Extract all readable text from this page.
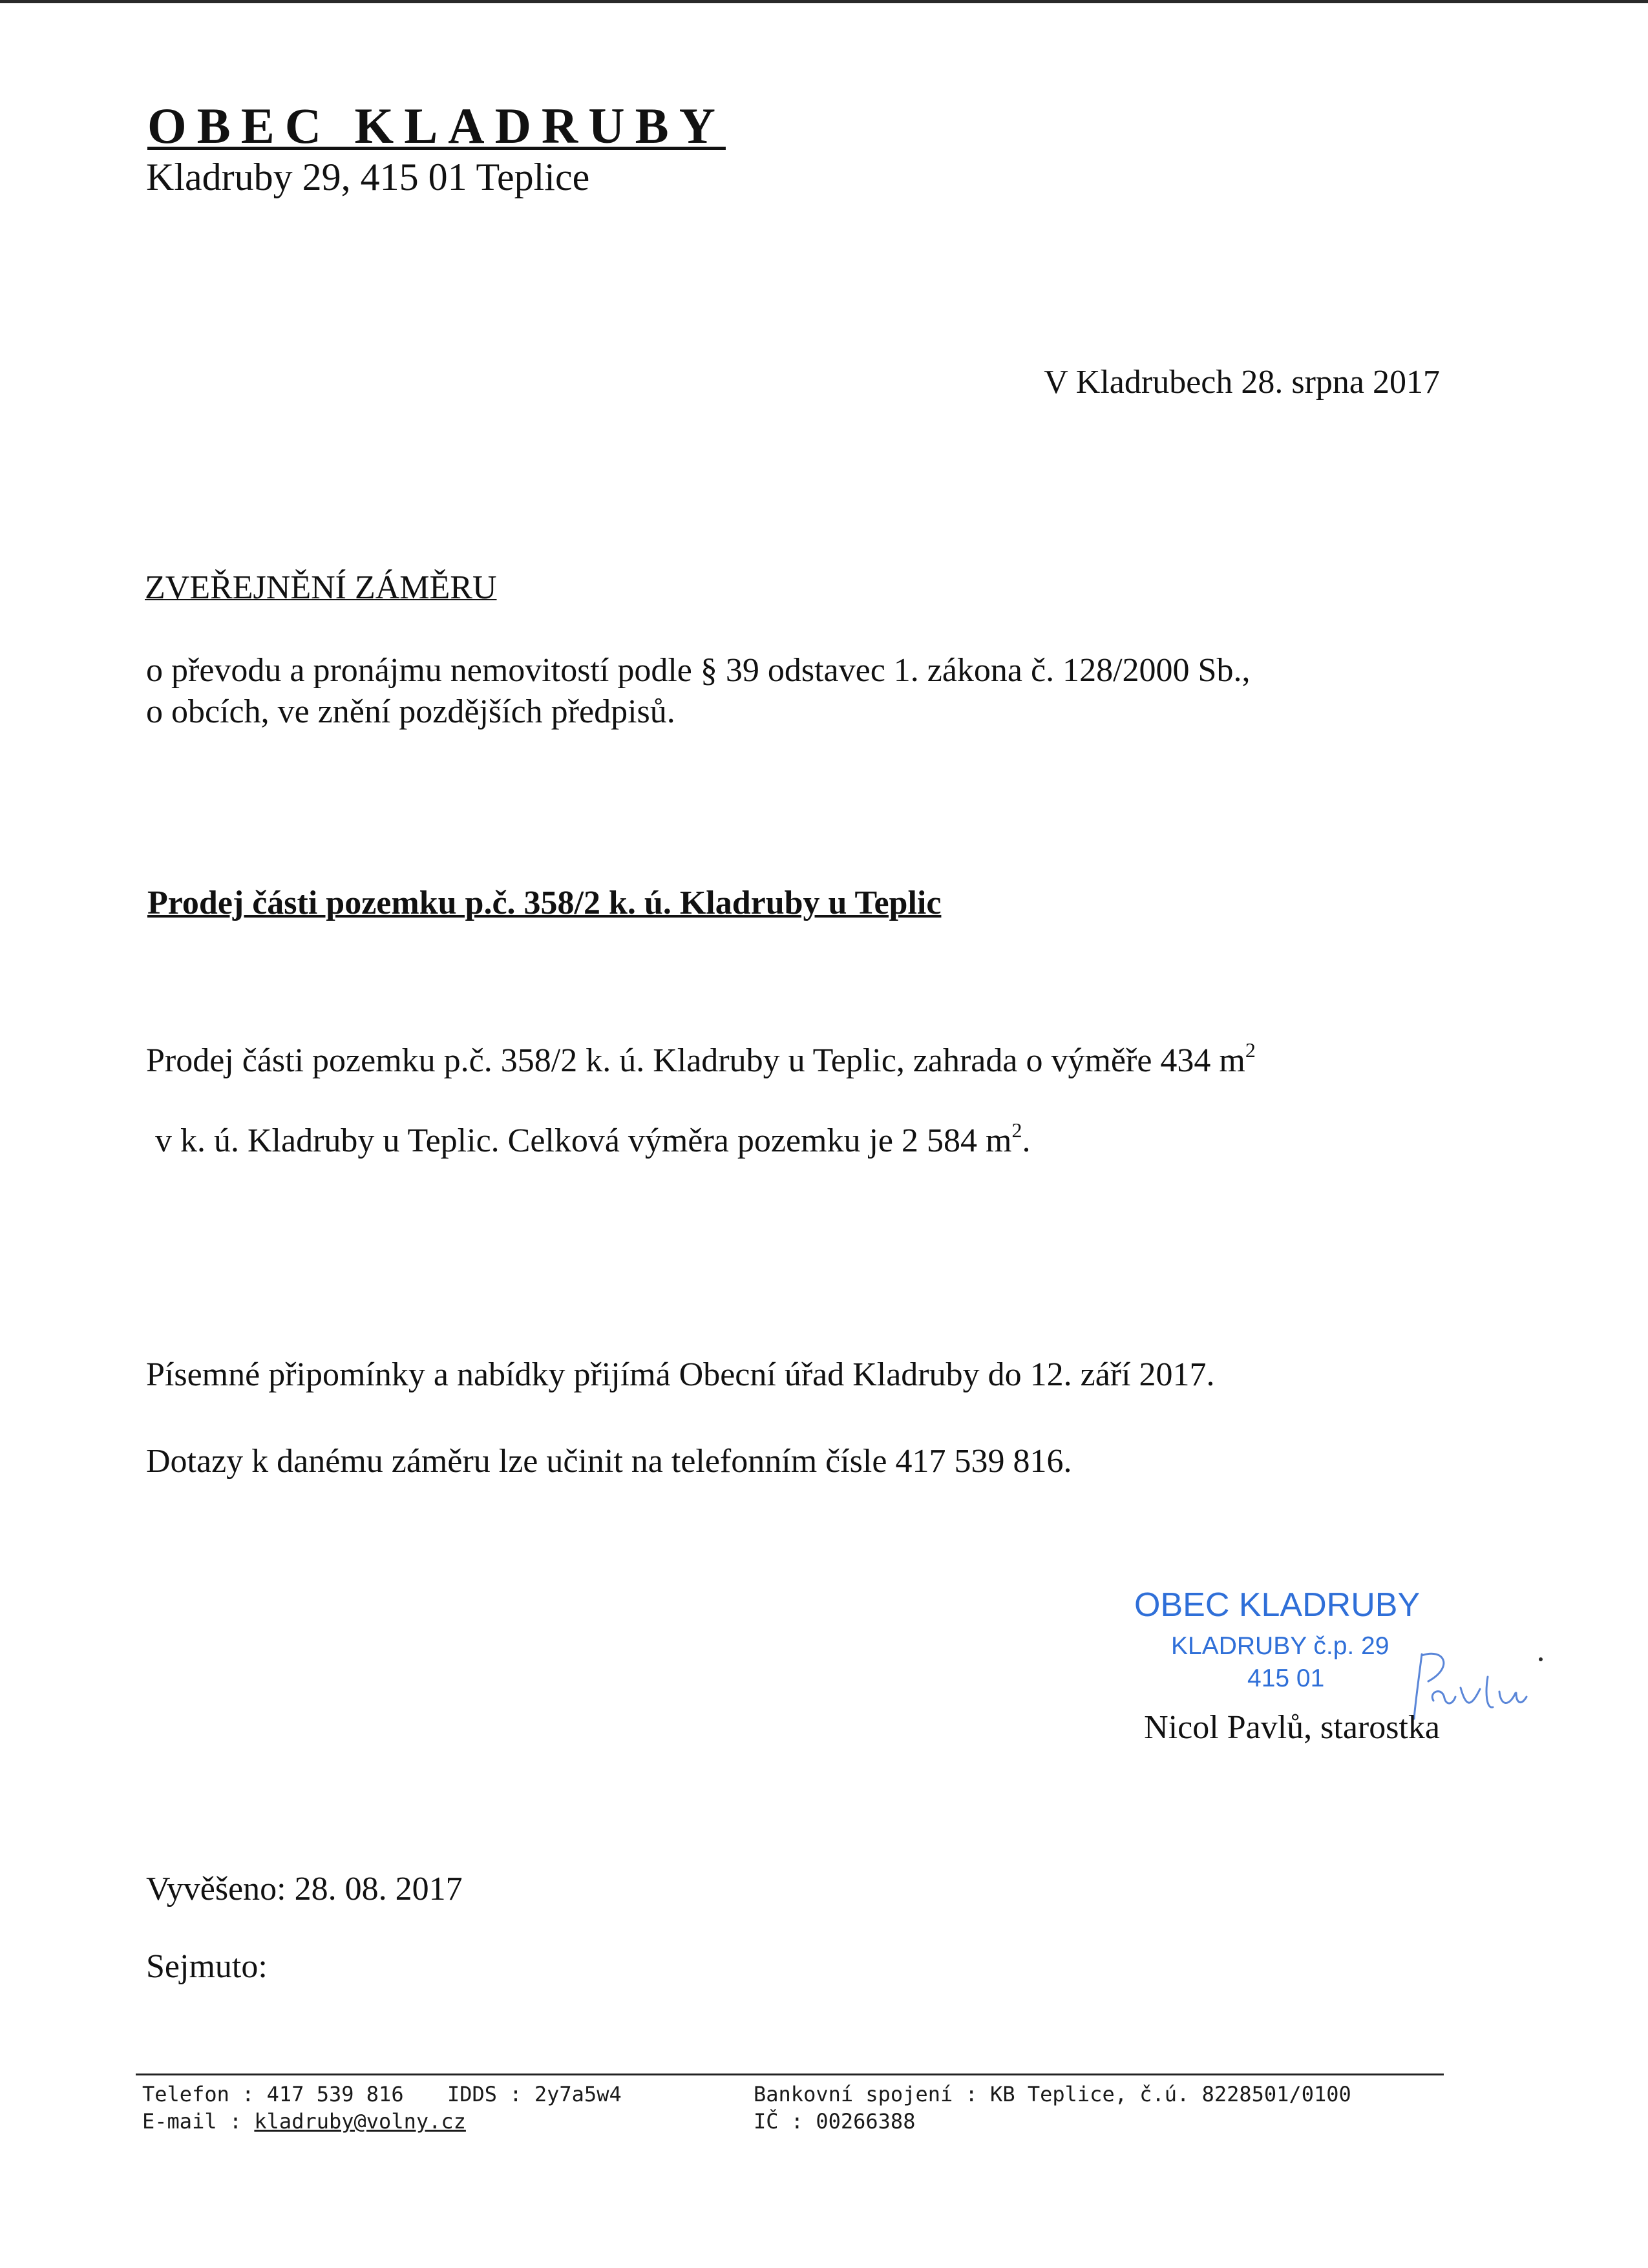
OBEC KLADRUBY
Kladruby 29, 415 01 Teplice
V Kladrubech 28. srpna 2017
ZVEŘEJNĚNÍ ZÁMĚRU
o převodu a pronájmu nemovitostí podle § 39 odstavec 1. zákona č. 128/2000 Sb.,
o obcích, ve znění pozdějších předpisů.
Prodej části pozemku p.č. 358/2 k. ú. Kladruby u Teplic
Prodej části pozemku p.č. 358/2 k. ú. Kladruby u Teplic, zahrada o výměře 434 $m^2$
v k. ú. Kladruby u Teplic. Celková výměra pozemku je 2 584 $m^2$.
Písemné připomínky a nabídky přijímá Obecní úřad Kladruby do 12. září 2017.
Dotazy k danému záměru lze učinit na telefonním čísle 417 539 816.
OBEC KLADRUBY
KLADRUBY č.p. 29
415 01
Nicol Pavlů, starostka
Vyvěšeno: 28. 08. 2017
Sejmuto:
Telefon : 417 539 816 IDDS : 2y7a5w4	Bankovní spojení : KB Teplice, č.ú. 8228501/0100
E-mail : kladruby@volny.cz	IČ : 00266388
